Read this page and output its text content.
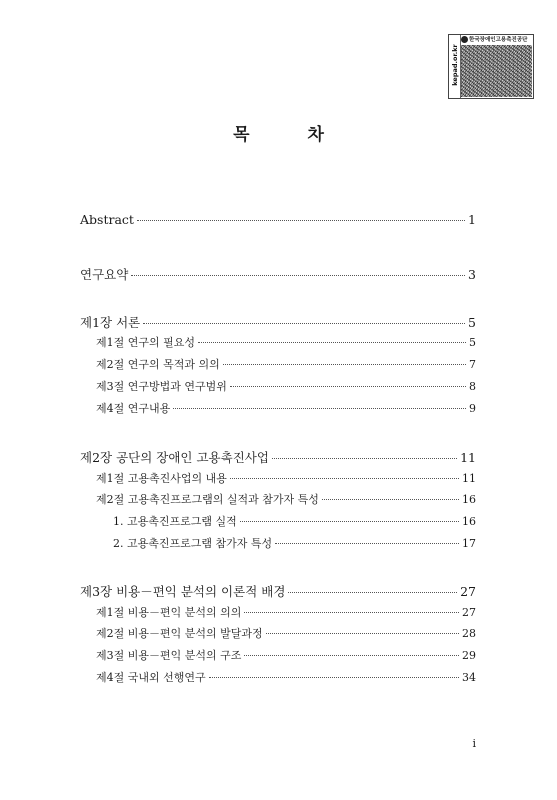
kepad.or.kr
한국장애인고용촉진공단
목 차
Abstract	1
연구요약	3
제1장 서론	5
제1절 연구의 필요성	5
제2절 연구의 목적과 의의	7
제3절 연구방법과 연구범위	8
제4절 연구내용	9
제2장 공단의 장애인 고용촉진사업	11
제1절 고용촉진사업의 내용	11
제2절 고용촉진프로그램의 실적과 참가자 특성	16
1. 고용촉진프로그램 실적	16
2. 고용촉진프로그램 참가자 특성	17
제3장 비용－편익 분석의 이론적 배경	27
제1절 비용－편익 분석의 의의	27
제2절 비용－편익 분석의 발달과정	28
제3절 비용－편익 분석의 구조	29
제4절 국내외 선행연구	34
i
